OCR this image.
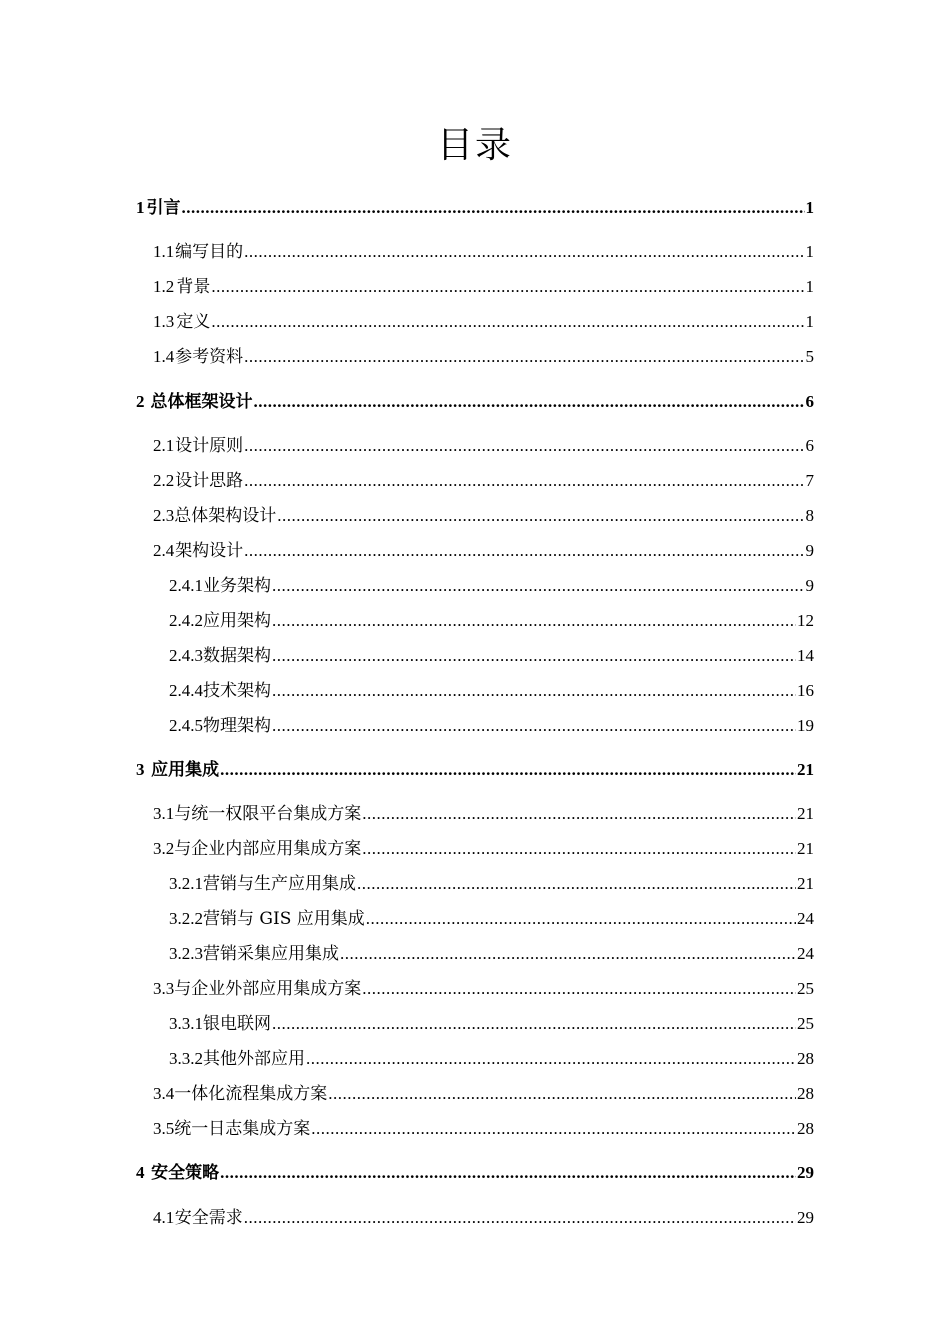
目录
1 引言 .....	1
1.1 编写目的 .....	1
1.2 背景 .....	1
1.3 定义 .....	1
1.4 参考资料 .....	5
2 总体框架设计 .....	6
2.1 设计原则 .....	6
2.2 设计思路 .....	7
2.3 总体架构设计 .....	8
2.4 架构设计 .....	9
2.4.1 业务架构 .....	9
2.4.2 应用架构 .....	12
2.4.3 数据架构 .....	14
2.4.4 技术架构 .....	16
2.4.5 物理架构 .....	19
3 应用集成 .....	21
3.1 与统一权限平台集成方案 .....	21
3.2 与企业内部应用集成方案 .....	21
3.2.1 营销与生产应用集成 .....	21
3.2.2 营销与 GIS 应用集成 .....	24
3.2.3 营销采集应用集成 .....	24
3.3 与企业外部应用集成方案 .....	25
3.3.1 银电联网 .....	25
3.3.2 其他外部应用 .....	28
3.4 一体化流程集成方案 .....	28
3.5 统一日志集成方案 .....	28
4 安全策略 .....	29
4.1 安全需求 .....	29
